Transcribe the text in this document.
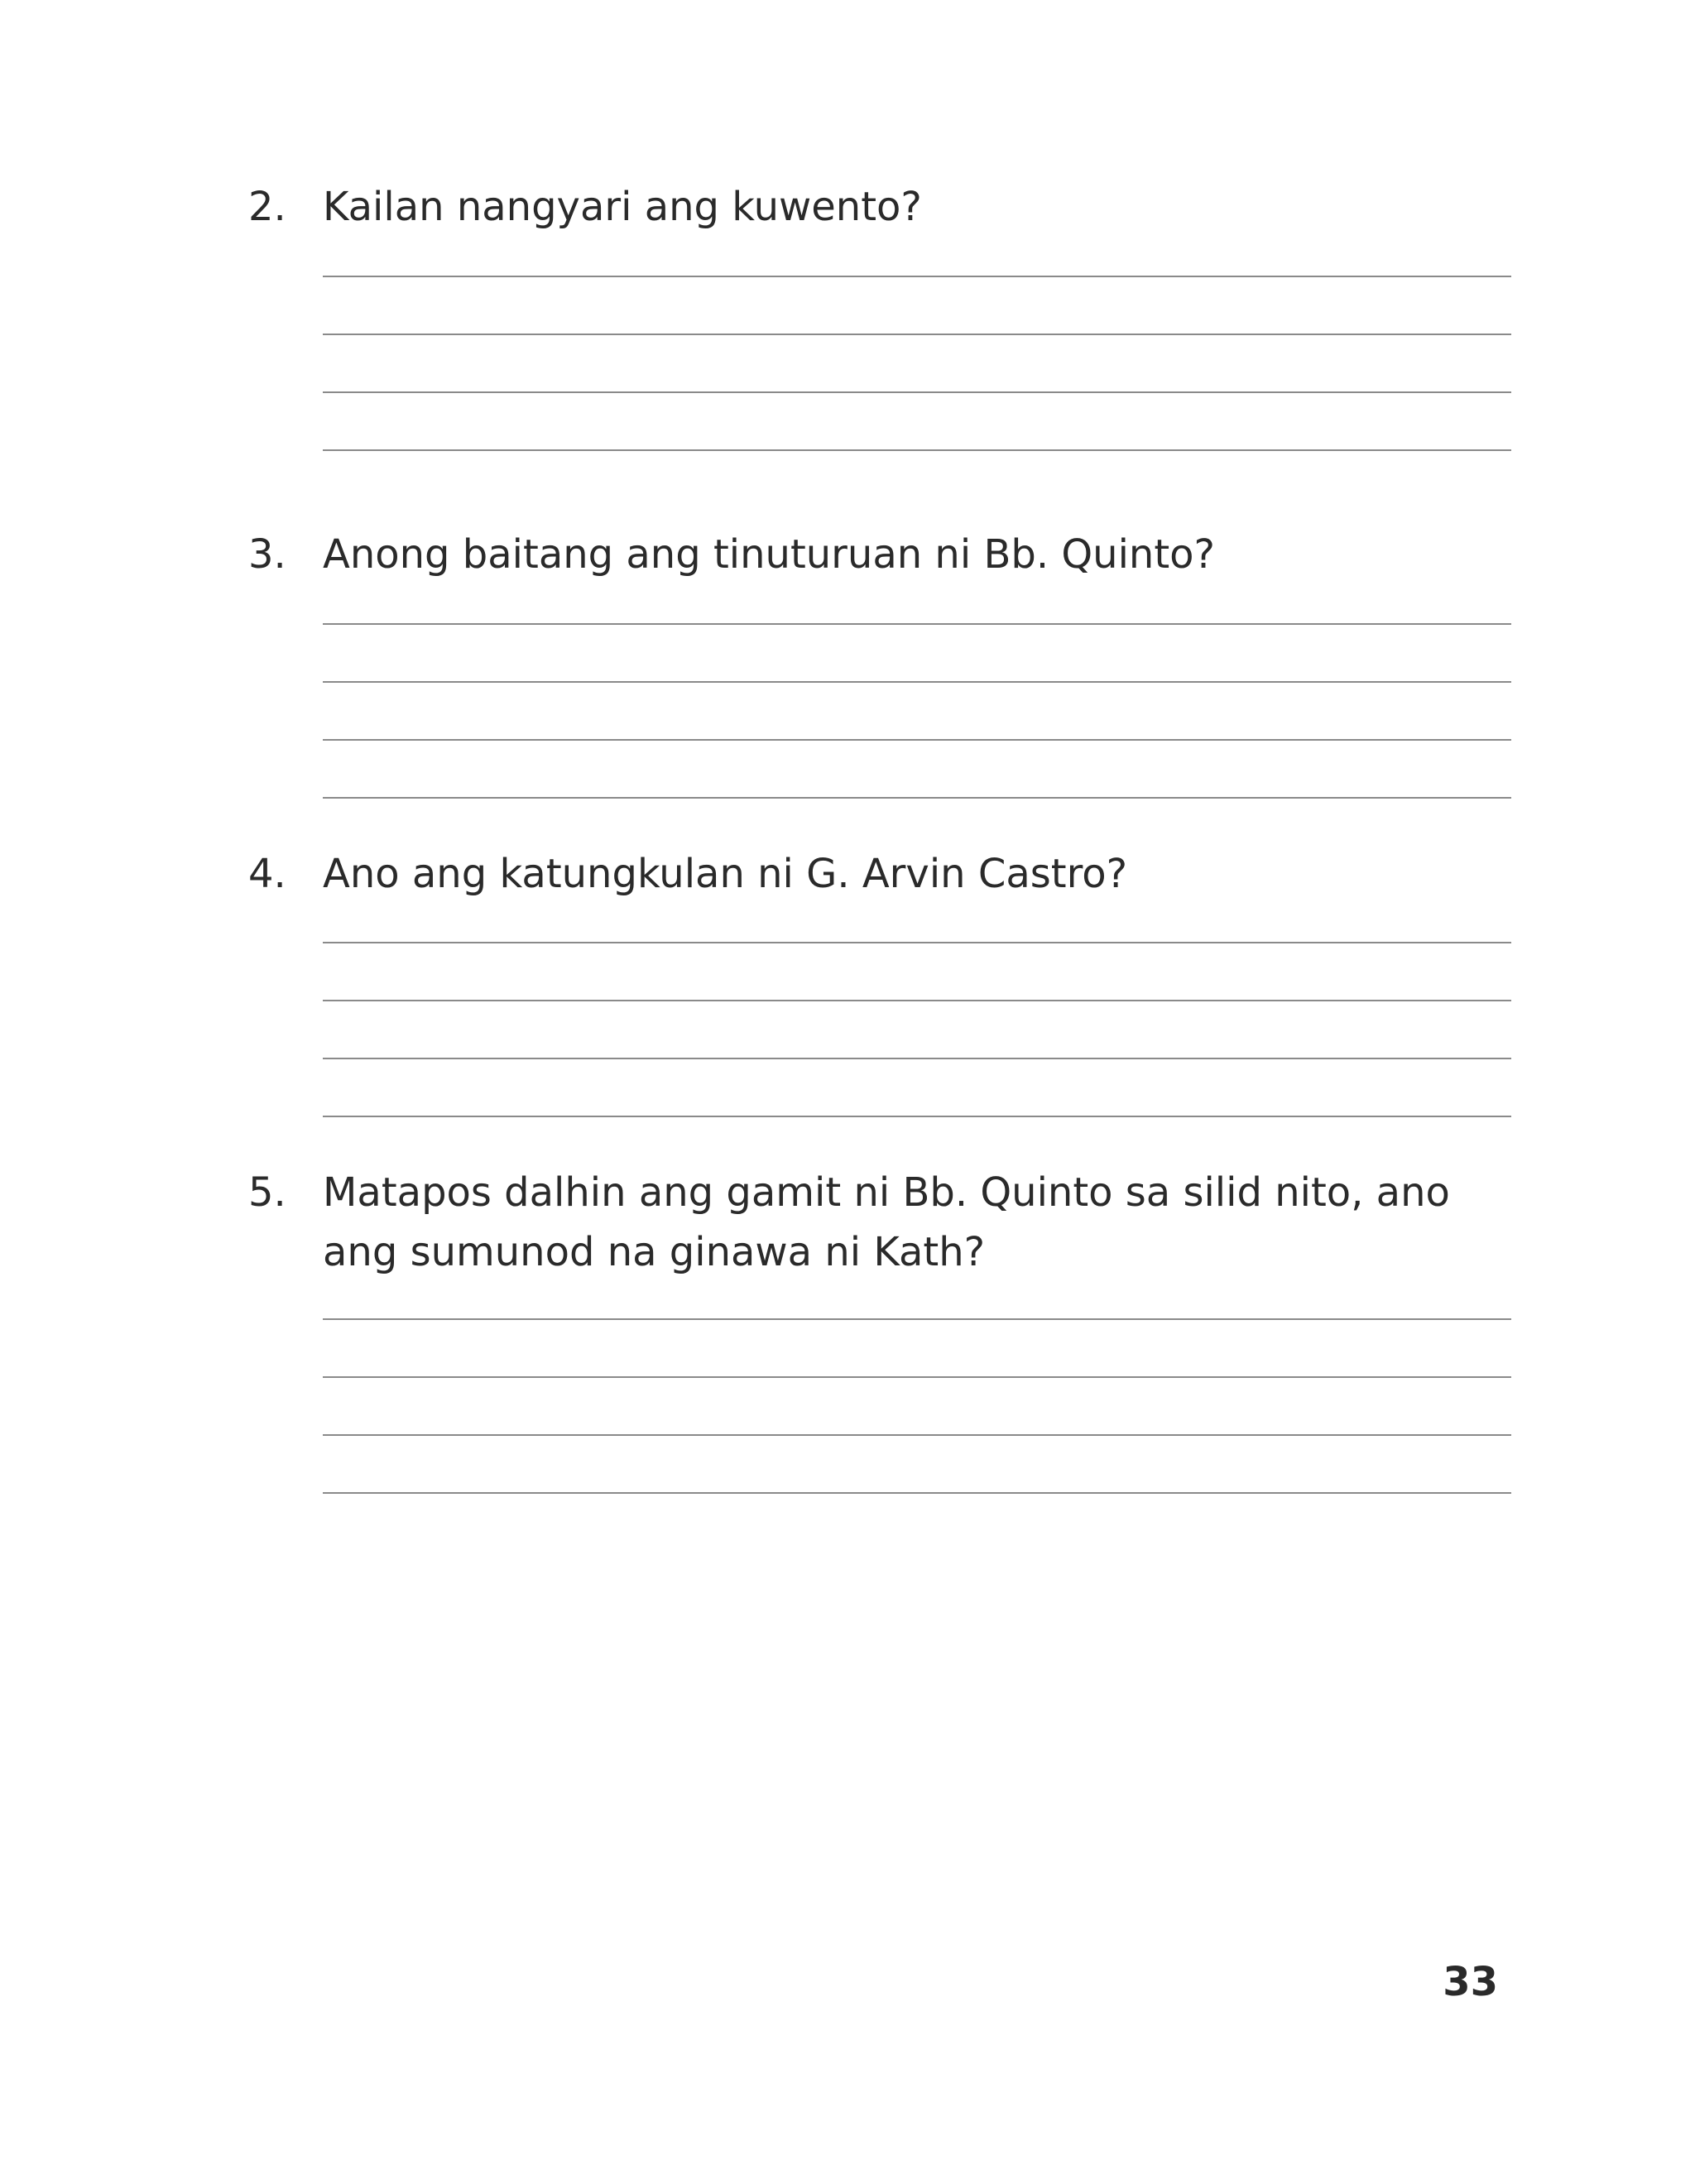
2. Kailan nangyari ang kuwento?
3. Anong baitang ang tinuturuan ni Bb. Quinto?
4. Ano ang katungkulan ni G. Arvin Castro?
5. Matapos dalhin ang gamit ni Bb. Quinto sa silid nito, ano ang sumunod na ginawa ni Kath?
33
